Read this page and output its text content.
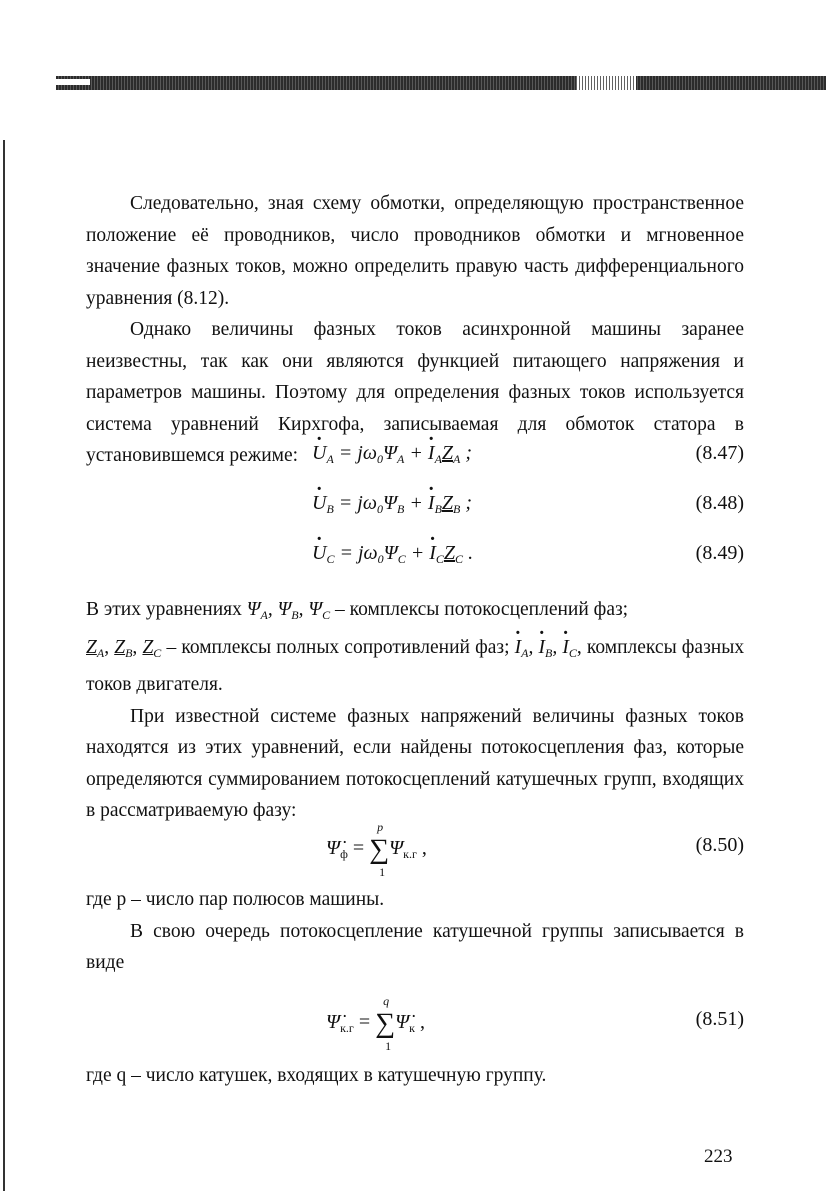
Следовательно, зная схему обмотки, определяющую пространственное положение её проводников, число проводников обмотки и мгновенное значение фазных токов, можно определить правую часть дифференциального уравнения (8.12).

Однако величины фазных токов асинхронной машины заранее неизвестны, так как они являются функцией питающего напряжения и параметров машины. Поэтому для определения фазных токов используется система уравнений Кирхгофа, записываемая для обмоток статора в установившемся режиме: · $U_A = j\omega_0\Psi_A$ + · $I_AZ_A$ ;	(8.47)
· $U_B = j\omega_0\Psi_B$ + · $I_BZ_B$ ;	(8.48)
· $U_C = j\omega_0\Psi_C$ + · $I_CZ_C$ .	(8.49)

В этих уравнениях $\Psi_A$, $\Psi_B$, $\Psi_C$ – комплексы потокосцеплений фаз;

$Z_A$, $Z_B$, $Z_C$ – комплексы полных сопротивлений фаз; · $I_A$, · $I_B$, · $I_C$, комплексы фазных токов двигателя.

При известной системе фазных напряжений величины фазных токов находятся из этих уравнений, если найдены потокосцепления фаз, которые определяются суммированием потокосцеплений катушечных групп, входящих в рассматриваемую фазу:

$\Psi̇_ф$ = ∑
p
1
$\Psi_{к.г}$ ,	(8.50)

где p – число пар полюсов машины.

В свою очередь потокосцепление катушечной группы записывается в виде

$\Psi̇_{к.г}$ = ∑
q
1
$\Psi̇_к$ ,	(8.51)

где q – число катушек, входящих в катушечную группу.

223
